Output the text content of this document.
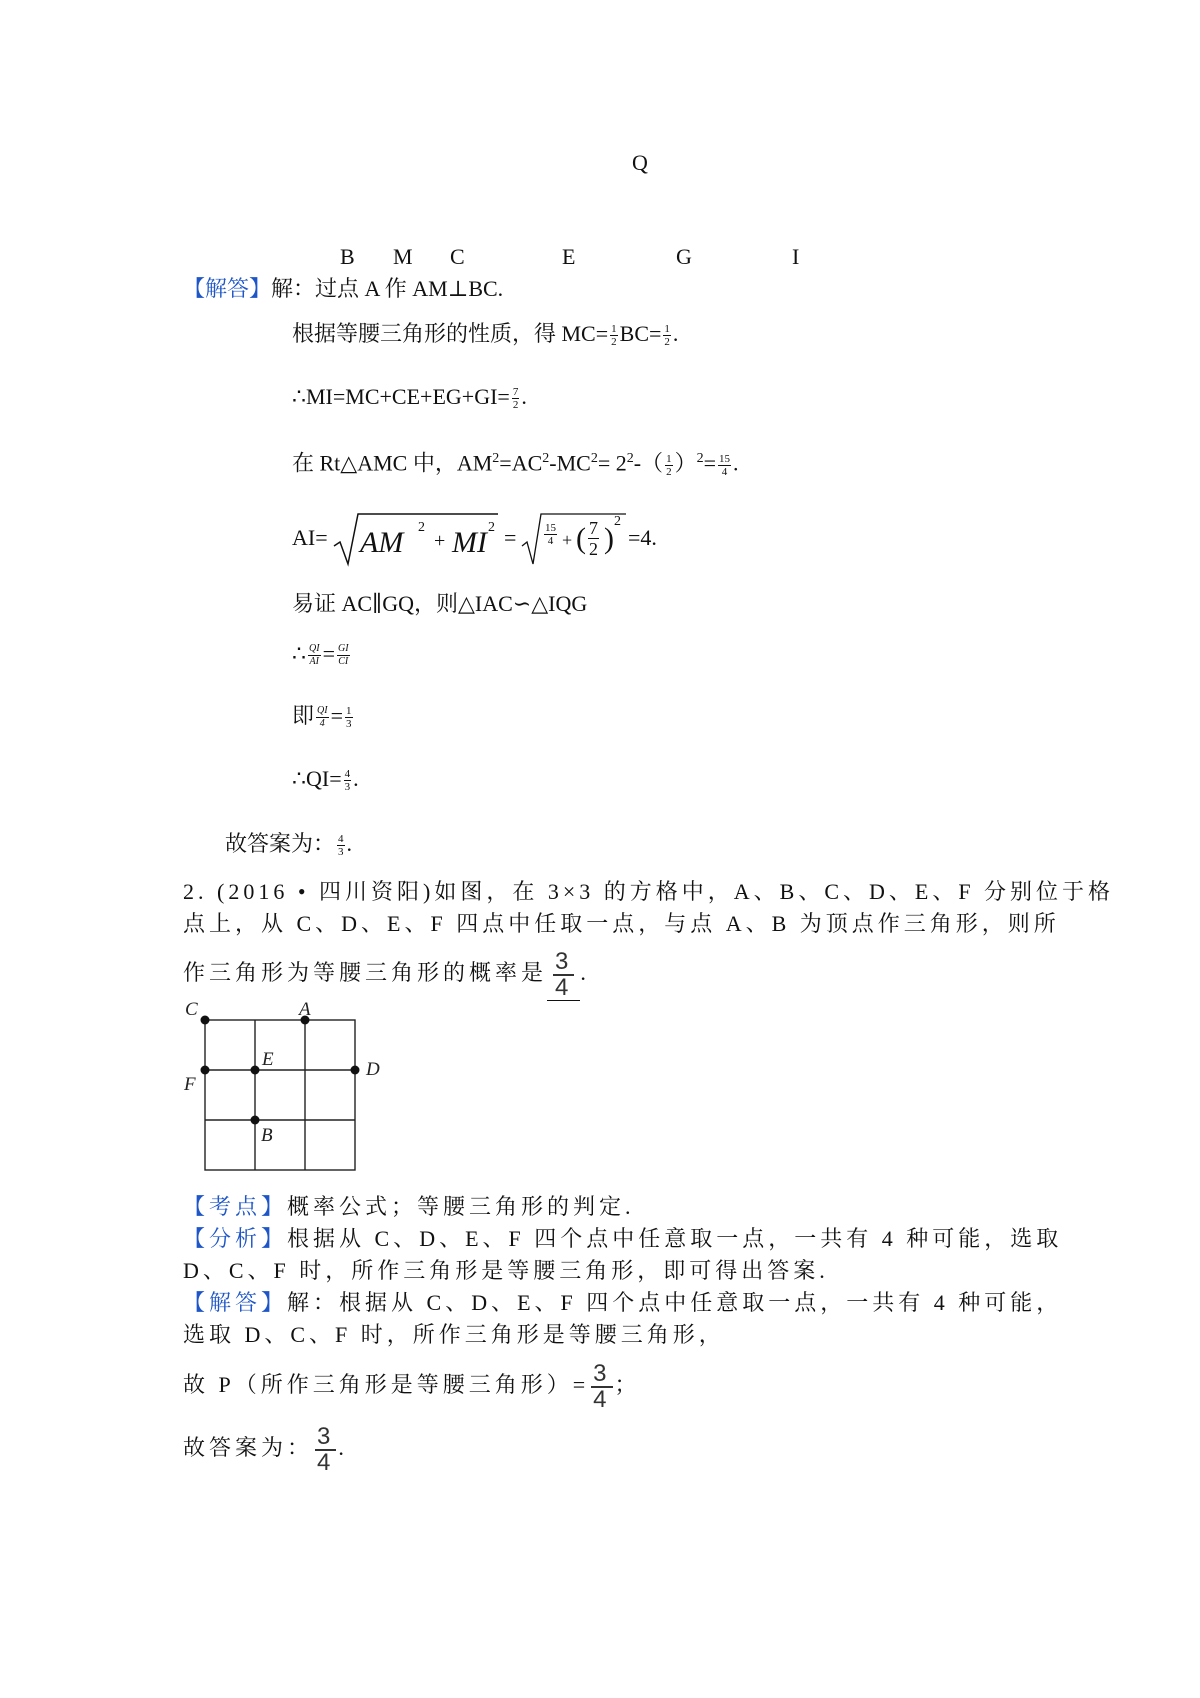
Q
B M C	E	G	I
【解答】解：过点 A 作 AM⊥BC.
根据等腰三角形的性质，得 $MC= \frac{1}{2} BC= \frac{1}{2}$ .
∴MI=MC+CE+EG+GI= $\frac{7}{2}$ .
在 Rt△AMC 中，$AM^2=AC^2-MC^2= 2^2-( \frac{1}{2} )^2= \frac{15}{4}$ .
AI= AM 2
+ MI 2 =	$\frac{15}{4}$ + ( $\frac{7}{2}$ )
2
=4.
易证 AC∥GQ，则△IAC∽△IQG
∴ $\frac{QI}{AI} = \frac{GI}{CI}$
即 $\frac{QI}{4} = \frac{1}{3}$
∴QI= $\frac{4}{3}$ .
故答案为： $\frac{4}{3}$ .
2. (2016 • 四川资阳)如图，在 3×3 的方格中，A、B、C、D、E、F 分别位于格
点上，从 C、D、E、F 四点中任取一点，与点 A、B 为顶点作三角形，则所
作三角形为等腰三角形的概率是 $\frac{3}{4}$ .
C	A
E
F
D
B
【考点】概率公式；等腰三角形的判定.
【分析】根据从 C、D、E、F 四个点中任意取一点，一共有 4 种可能，选取
D、C、F 时，所作三角形是等腰三角形，即可得出答案.
【解答】解：根据从 C、D、E、F 四个点中任意取一点，一共有 4 种可能，
选取 D、C、F 时，所作三角形是等腰三角形，
故 P（所作三角形是等腰三角形）= $\frac{3}{4}$ ；
故答案为： $\frac{3}{4}$ .
